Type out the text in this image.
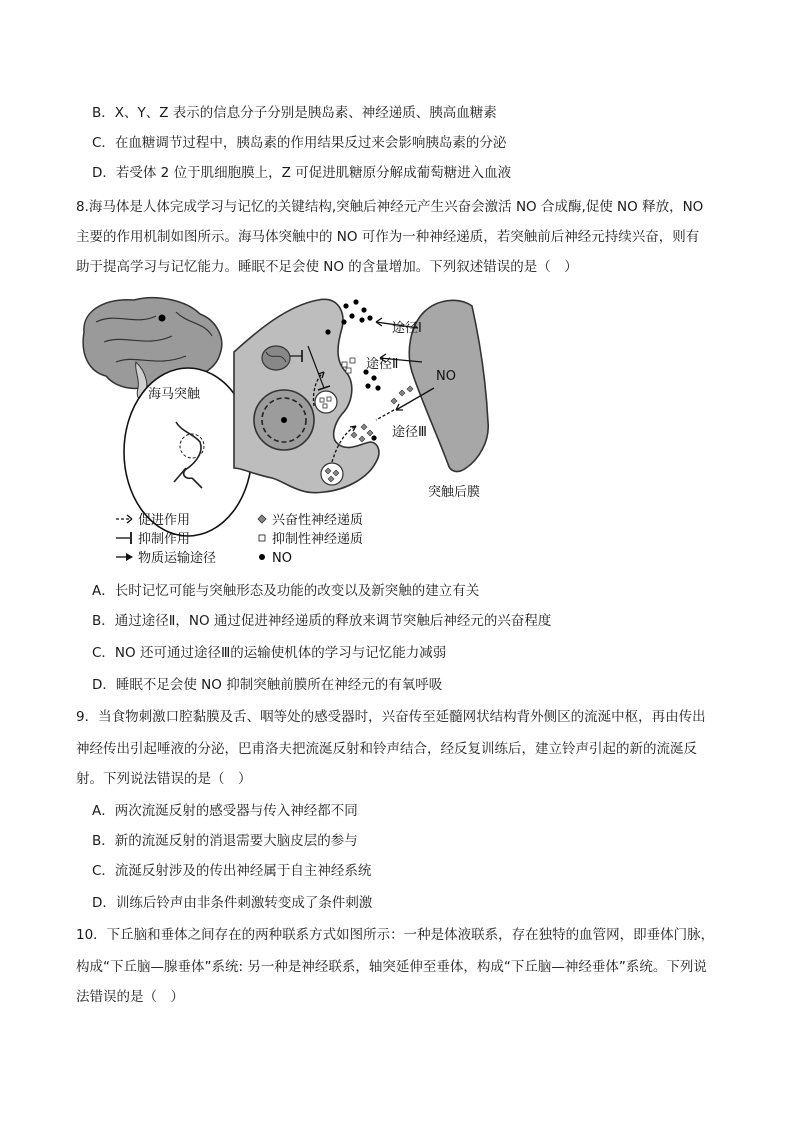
B．X、Y、Z 表示的信息分子分别是胰岛素、神经递质、胰高血糖素
C．在血糖调节过程中，胰岛素的作用结果反过来会影响胰岛素的分泌
D．若受体 2 位于肌细胞膜上，Z 可促进肌糖原分解成葡萄糖进入血液
8.海马体是人体完成学习与记忆的关键结构,突触后神经元产生兴奋会激活 NO 合成酶,促使 NO 释放，NO
主要的作用机制如图所示。海马体突触中的 NO 可作为一种神经递质，若突触前后神经元持续兴奋，则有
助于提高学习与记忆能力。睡眠不足会使 NO 的含量增加。下列叙述错误的是（　）
海马突触
突触后膜
途径Ⅰ
途径Ⅱ
途径Ⅲ
NO
促进作用
抑制作用
物质运输途径
兴奋性神经递质
抑制性神经递质
NO
A．长时记忆可能与突触形态及功能的改变以及新突触的建立有关
B．通过途径Ⅱ，NO 通过促进神经递质的释放来调节突触后神经元的兴奋程度
C．NO 还可通过途径Ⅲ的运输使机体的学习与记忆能力减弱
D．睡眠不足会使 NO 抑制突触前膜所在神经元的有氧呼吸
9．当食物刺激口腔黏膜及舌、咽等处的感受器时，兴奋传至延髓网状结构背外侧区的流涎中枢，再由传出
神经传出引起唾液的分泌，巴甫洛夫把流涎反射和铃声结合，经反复训练后，建立铃声引起的新的流涎反
射。下列说法错误的是（　）
A．两次流涎反射的感受器与传入神经都不同
B．新的流涎反射的消退需要大脑皮层的参与
C．流涎反射涉及的传出神经属于自主神经系统
D．训练后铃声由非条件刺激转变成了条件刺激
10．下丘脑和垂体之间存在的两种联系方式如图所示：一种是体液联系，存在独特的血管网，即垂体门脉，
构成“下丘脑—腺垂体”系统: 另一种是神经联系，轴突延伸至垂体，构成“下丘脑—神经垂体”系统。下列说
法错误的是（　）
